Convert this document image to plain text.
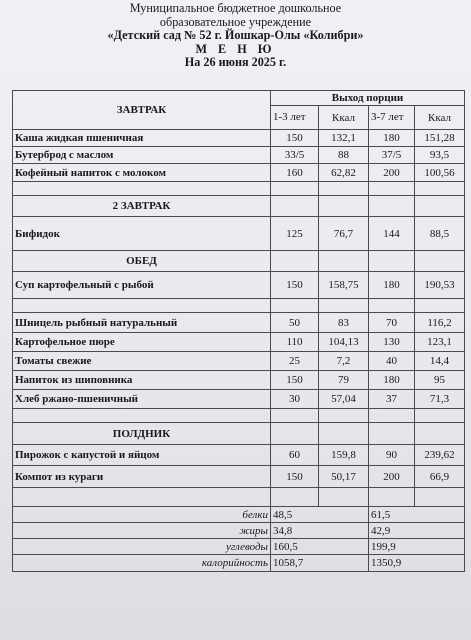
Муниципальное бюджетное дошкольное
образовательное учреждение
«Детский сад № 52 г. Йошкар-Олы «Колибри»
М Е Н Ю
На 26 июня 2025 г.
ЗАВТРАК	Выход порции			
	1-3 лет	Ккал	3-7 лет	Ккал
Каша жидкая пшеничная	150	132,1	180	151,28
Бутерброд с маслом	33/5	88	37/5	93,5
Кофейный напиток с молоком	160	62,82	200	100,56

2 ЗАВТРАК				
Бифидок	125	76,7	144	88,5
ОБЕД				
Суп картофельный с рыбой	150	158,75	180	190,53

Шницель рыбный натуральный	50	83	70	116,2
Картофельное пюре	110	104,13	130	123,1
Томаты свежие	25	7,2	40	14,4
Напиток из шиповника	150	79	180	95
Хлеб ржано-пшеничный	30	57,04	37	71,3

ПОЛДНИК				
Пирожок с капустой и яйцом	60	159,8	90	239,62
Компот из кураги	150	50,17	200	66,9

белки	48,5		61,5	
жиры	34,8		42,9	
углеводы	160,5		199,9	
калорийность	1058,7		1350,9	
